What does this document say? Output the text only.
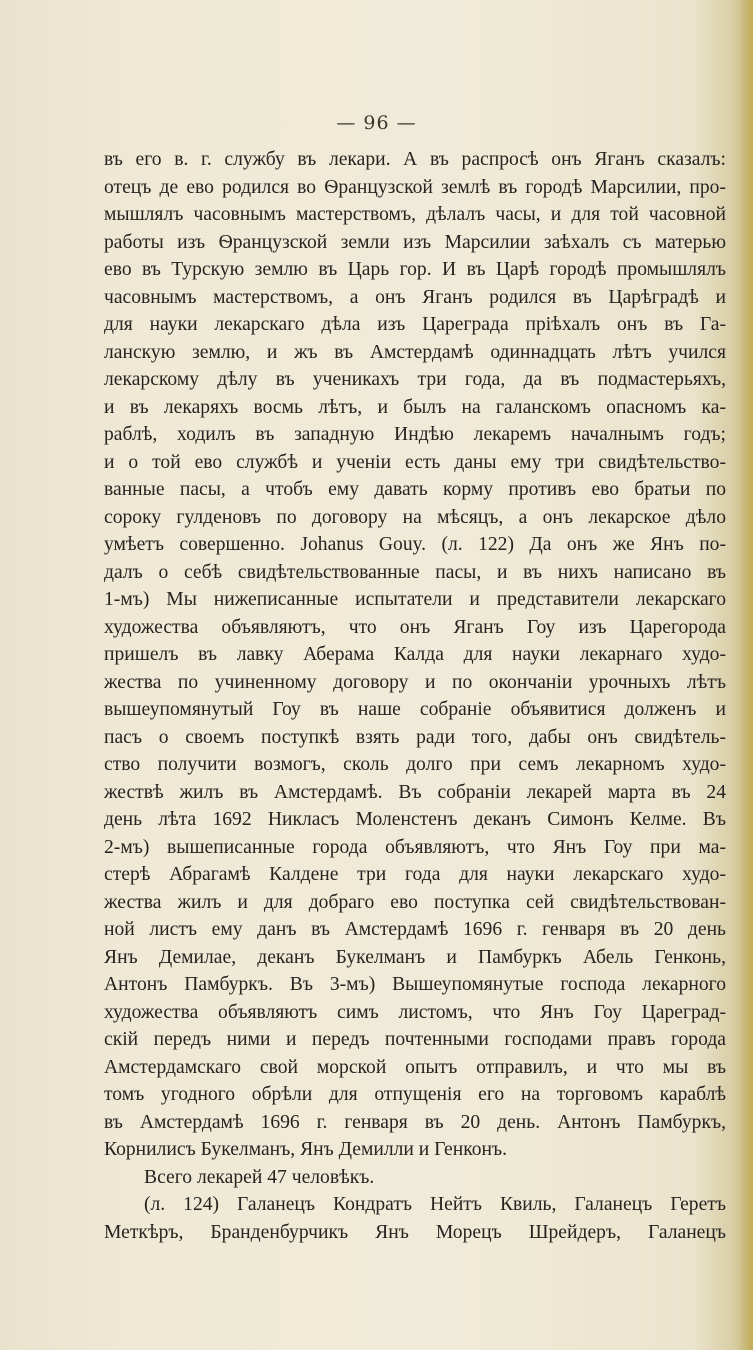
— 96 —
въ его в. г. службу въ лекари. А въ распросѣ онъ Яганъ сказалъ:
отецъ де ево родился во Ѳранцузской землѣ въ городѣ Марсилии, про-
мышлялъ часовнымъ мастерствомъ, дѣлалъ часы, и для той часовной
работы изъ Ѳранцузской земли изъ Марсилии заѣхалъ съ матерью
ево въ Турскую землю въ Царь гор. И въ Царѣ городѣ промышлялъ
часовнымъ мастерствомъ, а онъ Яганъ родился въ Царѣградѣ и
для науки лекарскаго дѣла изъ Цареграда прiѣхалъ онъ въ Га-
ланскую землю, и жъ въ Амстердамѣ одиннадцать лѣтъ учился
лекарскому дѣлу въ ученикахъ три года, да въ подмастерьяхъ,
и въ лекаряхъ восмь лѣтъ, и былъ на галанскомъ опасномъ ка-
раблѣ, ходилъ въ западную Индѣю лекаремъ началнымъ годъ;
и о той ево службѣ и ученiи есть даны ему три свидѣтельство-
ванные пасы, а чтобъ ему давать корму противъ ево братьи по
сороку гулденовъ по договору на мѣсяцъ, а онъ лекарское дѣло
умѣетъ совершенно. Johanus Gouy. (л. 122) Да онъ же Янъ по-
далъ о себѣ свидѣтельствованные пасы, и въ нихъ написано въ
1-мъ) Мы нижеписанные испытатели и представители лекарскаго
художества объявляютъ, что онъ Яганъ Гоу изъ Цaрегорода
пришелъ въ лавку Аберама Калда для науки лекарнаго худо-
жества по учиненному договору и по окончанiи урочныхъ лѣтъ
вышеупомянутый Гоу въ наше собранiе объявитися долженъ и
пасъ о своемъ поступкѣ взять ради того, дабы онъ свидѣтель-
ство получити возмогъ, сколь долго при семъ лекарномъ худо-
жествѣ жилъ въ Амстердамѣ. Въ собранiи лекарей марта въ 24
день лѣта 1692 Никласъ Моленстенъ деканъ Симонъ Келме. Въ
2-мъ) вышеписанные города объявляютъ, что Янъ Гоу при ма-
стерѣ Абрагамѣ Калдене три года для науки лекарскаго худо-
жества жилъ и для добраго ево поступка сей свидѣтельствован-
ной листъ ему данъ въ Амстердамѣ 1696 г. генваря въ 20 день
Янъ Демилае, деканъ Букелманъ и Памбуркъ Абель Генконь,
Антонъ Памбуркъ. Въ 3-мъ) Вышеупомянутые господа лекарного
художества объявляютъ симъ листомъ, что Янъ Гоу Цареград-
скiй передъ ними и передъ почтенными господами правъ города
Амстердамскаго свой морской опытъ отправилъ, и что мы въ
томъ угодного обрѣли для отпущенiя его на торговомъ караблѣ
въ Амстердамѣ 1696 г. генваря въ 20 день. Антонъ Памбуркъ,
Корнилисъ Букелманъ, Янъ Демилли и Генконъ.
Всего лекарей 47 человѣкъ.
(л. 124) Галанецъ Кондратъ Нейтъ Квиль, Галанецъ Геретъ
Меткѣръ, Бранденбурчикъ Янъ Морецъ Шрейдеръ, Галанецъ
